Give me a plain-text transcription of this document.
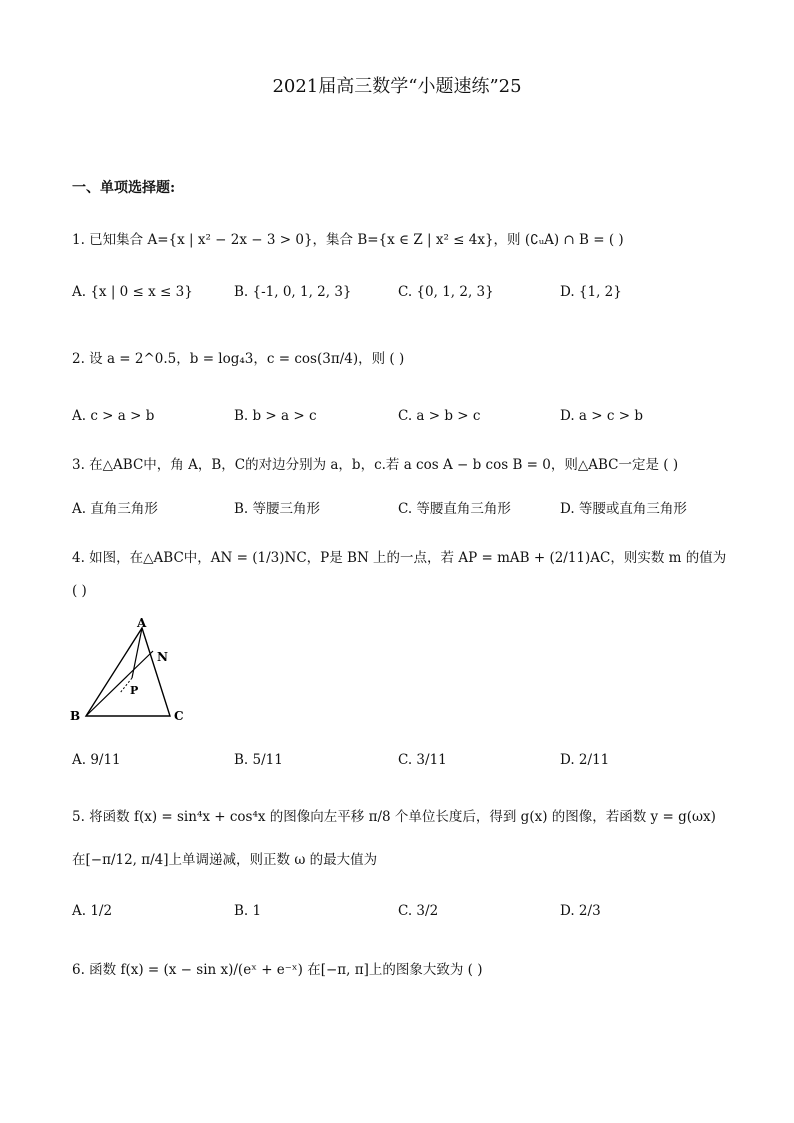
2021届高三数学“小题速练”25
一、单项选择题:
1. 已知集合 A={x | x² − 2x − 3 > 0}，集合 B={x ∈ Z | x² ≤ 4x}，则 (∁ᵤA) ∩ B = ( )
A. {x | 0 ≤ x ≤ 3}	B. {-1, 0, 1, 2, 3}	C. {0, 1, 2, 3}	D. {1, 2}
2. 设 a = 2^0.5，b = log₄3，c = cos(3π/4)，则 ( )
A. c > a > b	B. b > a > c	C. a > b > c	D. a > c > b
3. 在△ABC中，角 A，B，C的对边分别为 a，b，c.若 a cos A − b cos B = 0，则△ABC一定是 ( )
A. 直角三角形	B. 等腰三角形	C. 等腰直角三角形	D. 等腰或直角三角形
4. 如图，在△ABC中，AN = (1/3)NC，P是 BN 上的一点，若 AP = mAB + (2/11)AC，则实数 m 的值为
( )
A
B	C
N
P
A. 9/11	B. 5/11	C. 3/11	D. 2/11
5. 将函数 f(x) = sin⁴x + cos⁴x 的图像向左平移 π/8 个单位长度后，得到 g(x) 的图像，若函数 y = g(ωx)
在[−π/12, π/4]上单调递减，则正数 ω 的最大值为
A. 1/2	B. 1	C. 3/2	D. 2/3
6. 函数 f(x) = (x − sin x)/(eˣ + e⁻ˣ) 在[−π, π]上的图象大致为 ( )
